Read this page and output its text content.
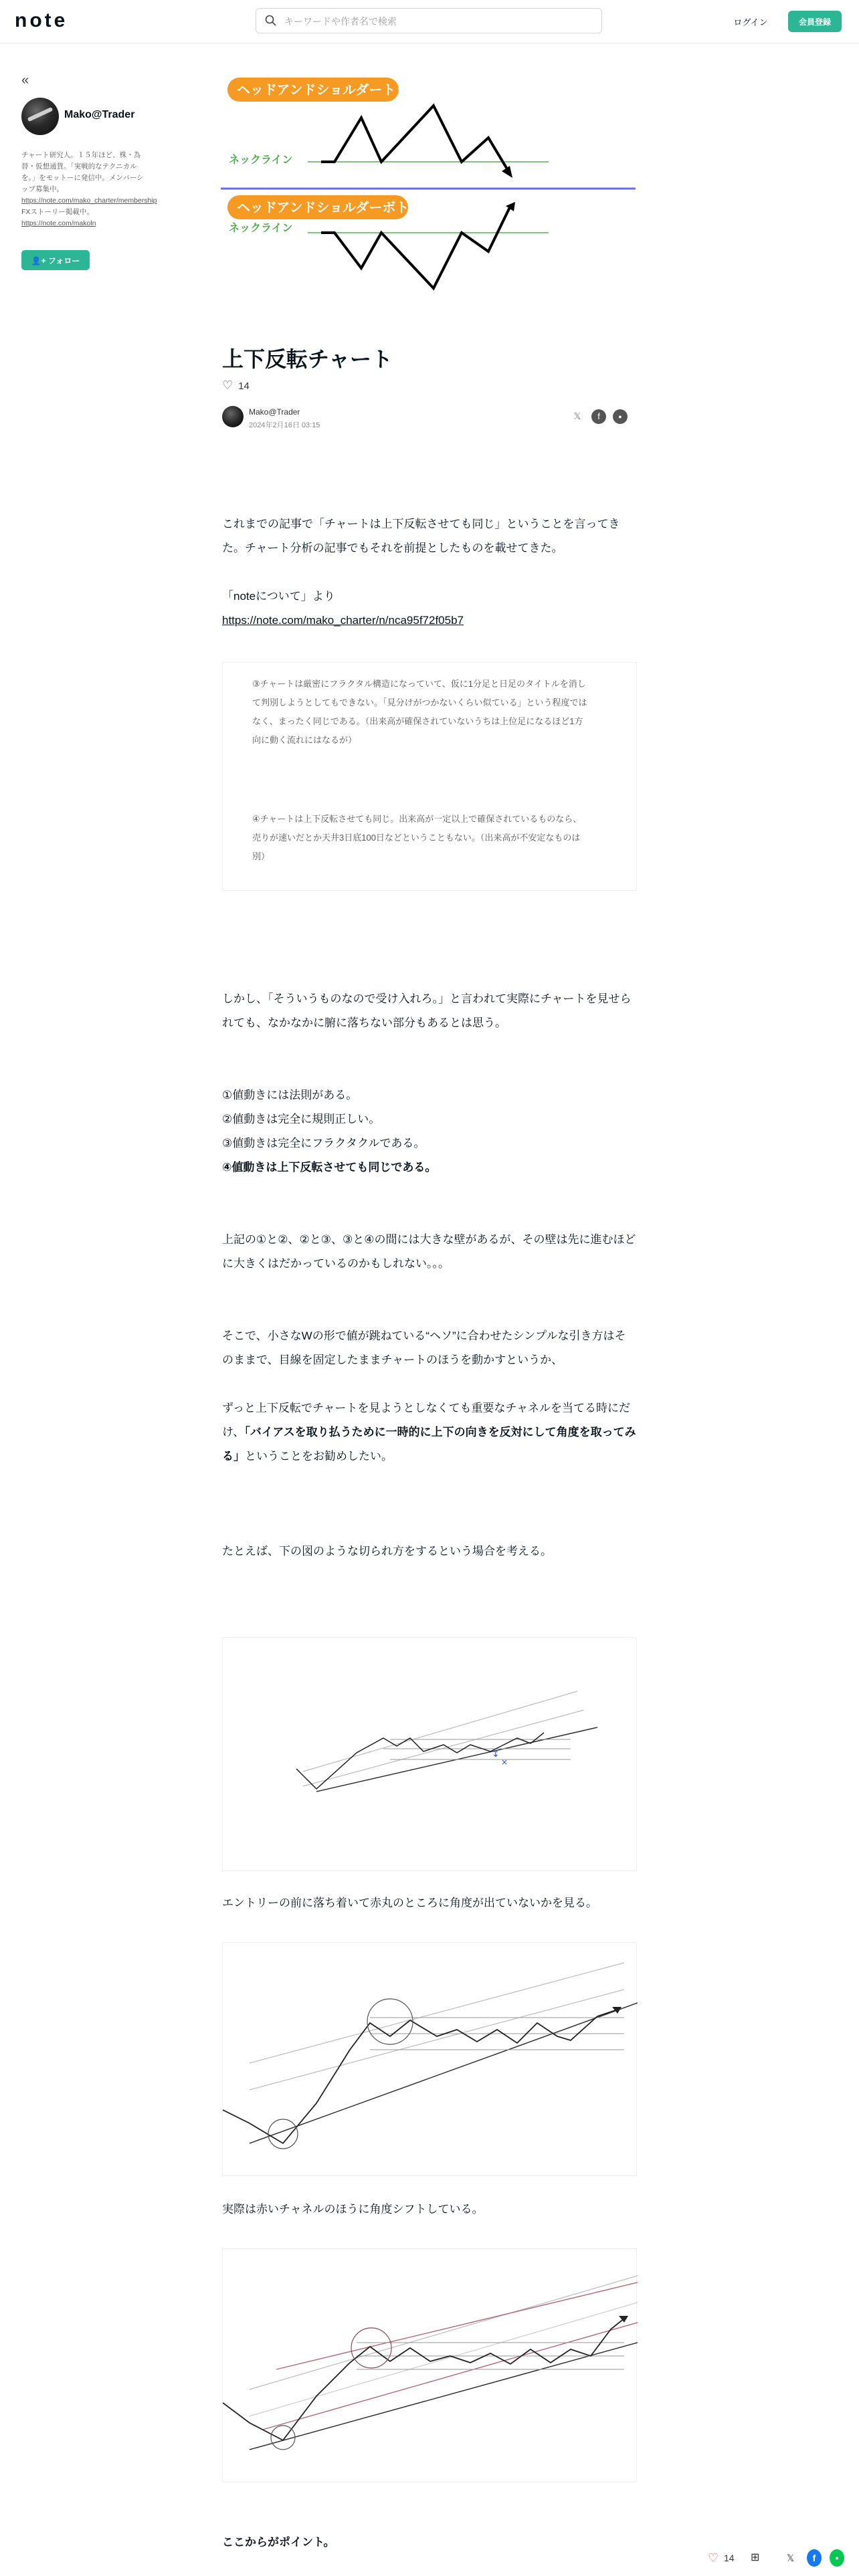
note
キーワードや作者名で検索	ログイン	会員登録
«
Mako@Trader
チャート研究人。１５年ほど、株・為替・仮想通貨。「実戦的なテクニカルを。」をモットーに発信中。メンバーシップ募集中。 https://note.com/mako_charter/membership FXストーリー掲載中。https://note.com/makoln
👤+ フォロー
ヘッドアンドショルダートップ
ネックライン
ヘッドアンドショルダーボトム
ネックライン
上下反転チャート
♡ 14
Mako@Trader
2024年2月16日 03:15
𝕏	f	●

これまでの記事で「チャートは上下反転させても同じ」ということを言ってきた。チャート分析の記事でもそれを前提としたものを載せてきた。

「noteについて」より
https://note.com/mako_charter/n/nca95f72f05b7

③チャートは厳密にフラクタル構造になっていて、仮に1分足と日足のタイトルを消して判別しようとしてもできない。「見分けがつかないくらい似ている」という程度ではなく、まったく同じである。（出来高が確保されていないうちは上位足になるほど1方向に動く流れにはなるが）

④チャートは上下反転させても同じ。出来高が一定以上で確保されているものなら、売りが速いだとか天井3日底100日などということもない。（出来高が不安定なものは別）

しかし、「そういうものなので受け入れろ。」と言われて実際にチャートを見せられても、なかなかに腑に落ちない部分もあるとは思う。

①値動きには法則がある。
②値動きは完全に規則正しい。
③値動きは完全にフラクタクルである。
④値動きは上下反転させても同じである。

上記の①と②、②と③、③と④の間には大きな壁があるが、その壁は先に進むほどに大きくはだかっているのかもしれない。。。

そこで、小さなWの形で値が跳ねている“ヘソ”に合わせたシンプルな引き方はそのままで、目線を固定したままチャートのほうを動かすというか、

ずっと上下反転でチャートを見ようとしなくても重要なチャネルを当てる時にだけ、「バイアスを取り払うために一時的に上下の向きを反対にして角度を取ってみる」ということをお勧めしたい。

たとえば、下の図のような切られ方をするという場合を考える。

↕
×

エントリーの前に落ち着いて赤丸のところに角度が出ていないかを見る。

実際は赤いチャネルのほうに角度シフトしている。

ここからがポイント。

♡ 14 ⊞	𝕏	f	●
